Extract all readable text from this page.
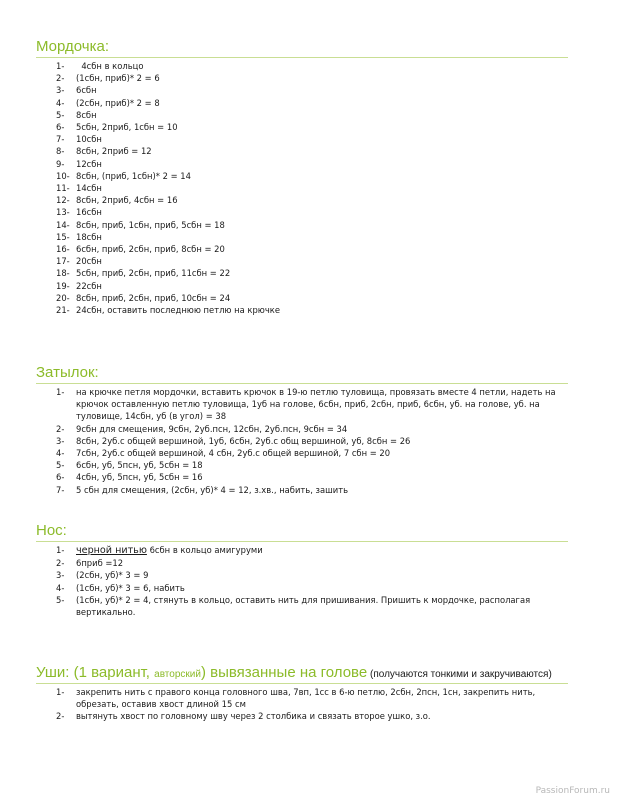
Мордочка:
1-	4сбн в кольцо
2-	(1сбн, приб)* 2 = 6
3-	6сбн
4-	(2сбн, приб)* 2 = 8
5-	8сбн
6-	5сбн, 2приб, 1сбн = 10
7-	10сбн
8-	8сбн, 2приб = 12
9-	12сбн
10- 8сбн, (приб, 1сбн)* 2 = 14
11- 14сбн
12- 8сбн, 2приб, 4сбн = 16
13- 16сбн
14- 8сбн, приб, 1сбн, приб, 5сбн = 18
15- 18сбн
16- 6сбн, приб, 2сбн, приб, 8сбн = 20
17- 20сбн
18- 5сбн, приб, 2сбн, приб, 11сбн = 22
19- 22сбн
20- 8сбн, приб, 2сбн, приб, 10сбн = 24
21- 24сбн, оставить последнюю петлю на крючке
Затылок:
1-	на крючке петля мордочки, вставить крючок в 19-ю петлю туловища, провязать вместе 4 петли, надеть на крючок оставленную петлю туловища, 1уб на голове, 6сбн, приб, 2сбн, приб, 6сбн, уб. на голове, уб. на туловище, 14сбн, уб (в угол) = 38
2-	9сбн для смещения, 9сбн, 2уб.псн, 12сбн, 2уб.псн, 9сбн = 34
3-	8сбн, 2уб.с общей вершиной, 1уб, 6сбн, 2уб.с общ вершиной, уб, 8сбн = 26
4-	7сбн, 2уб.с общей вершиной, 4 сбн, 2уб.с общей вершиной, 7 сбн = 20
5-	6сбн, уб, 5псн, уб, 5сбн = 18
6-	4сбн, уб, 5псн, уб, 5сбн = 16
7-	5 сбн для смещения, (2сбн, уб)* 4 = 12, з.хв., набить, зашить
Нос:
1-	черной нитью 6сбн в кольцо амигуруми
2-	6приб =12
3-	(2сбн, уб)* 3 = 9
4-	(1сбн, уб)* 3 = 6, набить
5-	(1сбн, уб)* 2 = 4, стянуть в кольцо, оставить нить для пришивания. Пришить к мордочке, располагая вертикально.
Уши: (1 вариант, авторский) вывязанные на голове (получаются тонкими и закручиваются)
1-	закрепить нить с правого конца головного шва, 7вп, 1сс в 6-ю петлю, 2сбн, 2псн, 1сн, закрепить нить, обрезать, оставив хвост длиной 15 см
2-	вытянуть хвост по головному шву через 2 столбика и связать второе ушко, з.о.
PassionForum.ru
